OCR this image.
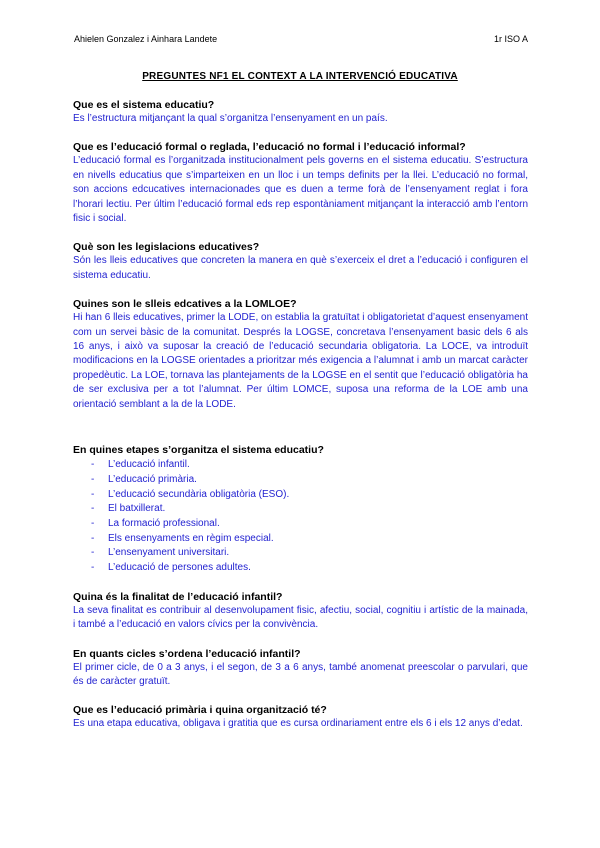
Ahielen Gonzalez i Ainhara Landete	1r ISO A
PREGUNTES NF1 EL CONTEXT A LA INTERVENCIÓ EDUCATIVA

Que es el sistema educatiu?

Es l’estructura mitjançant la qual s’organitza l’ensenyament en un país.

Que es l’educació formal o reglada, l’educació no formal i l’educació informal?

L’educació formal es l’organitzada institucionalment pels governs en el sistema educatiu. S’estructura en nivells educatius que s’imparteixen en un lloc i un temps definits per la llei. L’educació no formal, son accions edcucatives internacionades que es duen a terme forà de l’ensenyament reglat i fora l’horari lectiu. Per últim l’educació formal eds rep espontàniament mitjançant la interacció amb l’entorn fisic i social.

Què son les legislacions educatives?

Són les lleis educatives que concreten la manera en què s’exerceix el dret a l’educació i configuren el sistema educatiu.

Quines son le slleis edcatives a la LOMLOE?

Hi han 6 lleis educatives, primer la LODE, on establia la gratuïtat i obligatorietat d’aquest ensenyament com un servei bàsic de la comunitat. Després la LOGSE, concretava l’ensenyament basic dels 6 als 16 anys, i això va suposar la creació de l’educació secundaria obligatoria. La LOCE, va introduït modificacions en la LOGSE orientades a prioritzar més exigencia a l’alumnat i amb un marcat caràcter propedèutic. La LOE, tornava las plantejaments de la LOGSE en el sentit que l’educació obligatòria ha de ser exclusiva per a tot l’alumnat. Per últim LOMCE, suposa una reforma de la LOE amb una orientació semblant a la de la LODE.

En quines etapes s’organitza el sistema educatiu?

- L’educació infantil.
- L’educació primària.
- L’educació secundària obligatòria (ESO).
- El batxillerat.
- La formació professional.
- Els ensenyaments en règim especial.
- L’ensenyament universitari.
- L’educació de persones adultes.

Quina és la finalitat de l’educació infantil?

La seva finalitat es contribuir al desenvolupament fisic, afectiu, social, cognitiu i artístic de la mainada, i també a l’educació en valors cívics per la convivència.

En quants cicles s’ordena l’educació infantil?

El primer cicle, de 0 a 3 anys, i el segon, de 3 a 6 anys, també anomenat preescolar o parvulari, que és de caràcter gratuït.

Que es l’educació primària i quina organització té?

Es una etapa educativa, obligava i gratitia que es cursa ordinariament entre els 6 i els 12 anys d’edat.
